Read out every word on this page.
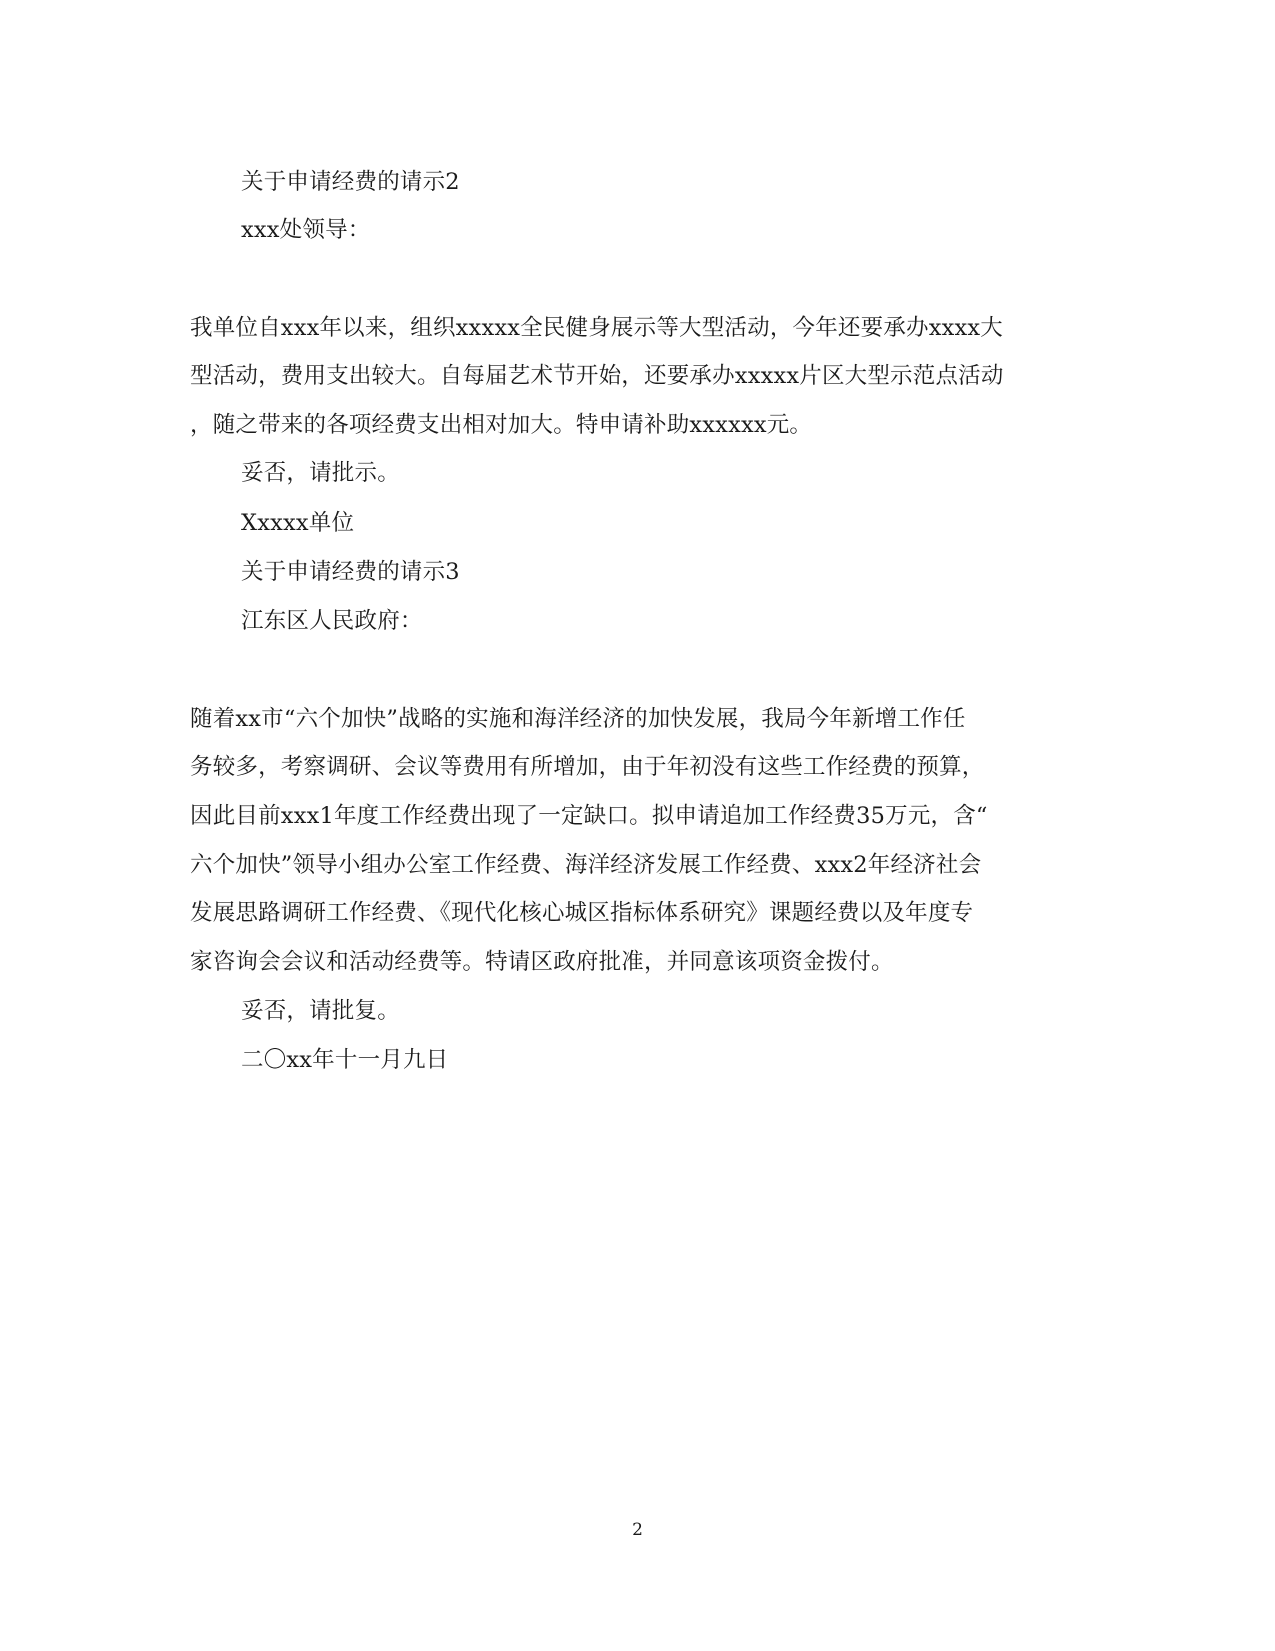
关于申请经费的请示2
xxx处领导：
我单位自xxx年以来，组织xxxxx全民健身展示等大型活动，今年还要承办xxxx大
型活动，费用支出较大。自每届艺术节开始，还要承办xxxxx片区大型示范点活动
，随之带来的各项经费支出相对加大。特申请补助xxxxxx元。
妥否，请批示。
Xxxxx单位
关于申请经费的请示3
江东区人民政府：
随着xx市“六个加快”战略的实施和海洋经济的加快发展，我局今年新增工作任
务较多，考察调研、会议等费用有所增加，由于年初没有这些工作经费的预算，
因此目前xxx1年度工作经费出现了一定缺口。拟申请追加工作经费35万元，含“
六个加快”领导小组办公室工作经费、海洋经济发展工作经费、xxx2年经济社会
发展思路调研工作经费、《现代化核心城区指标体系研究》课题经费以及年度专
家咨询会会议和活动经费等。特请区政府批准，并同意该项资金拨付。
妥否，请批复。
二〇xx年十一月九日
2
